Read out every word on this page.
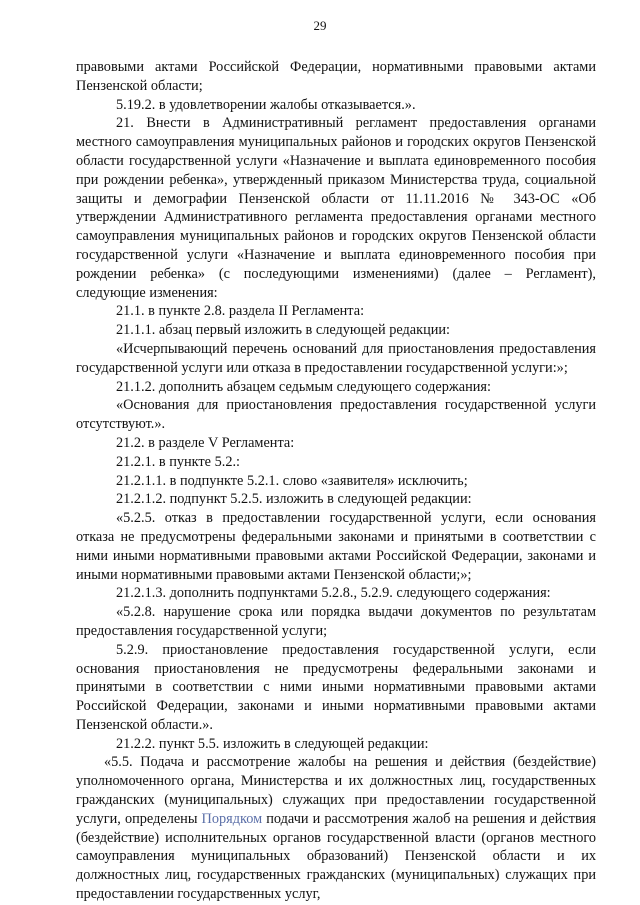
29

правовыми актами Российской Федерации, нормативными правовыми актами Пензенской области;

5.19.2. в удовлетворении жалобы отказывается.».

21. Внести в Административный регламент предоставления органами местного самоуправления муниципальных районов и городских округов Пензенской области государственной услуги «Назначение и выплата единовременного пособия при рождении ребенка», утвержденный приказом Министерства труда, социальной защиты и демографии Пензенской области от 11.11.2016 № 343-ОС «Об утверждении Административного регламента предоставления органами местного самоуправления муниципальных районов и городских округов Пензенской области государственной услуги «Назначение и выплата единовременного пособия при рождении ребенка» (с последующими изменениями) (далее – Регламент), следующие изменения:

21.1. в пункте 2.8. раздела II Регламента:

21.1.1. абзац первый изложить в следующей редакции:

«Исчерпывающий перечень оснований для приостановления предоставления государственной услуги или отказа в предоставлении государственной услуги:»;

21.1.2. дополнить абзацем седьмым следующего содержания:

«Основания для приостановления предоставления государственной услуги отсутствуют.».

21.2. в разделе V Регламента:

21.2.1. в пункте 5.2.:

21.2.1.1. в подпункте 5.2.1. слово «заявителя» исключить;

21.2.1.2. подпункт 5.2.5. изложить в следующей редакции:

«5.2.5. отказ в предоставлении государственной услуги, если основания отказа не предусмотрены федеральными законами и принятыми в соответствии с ними иными нормативными правовыми актами Российской Федерации, законами и иными нормативными правовыми актами Пензенской области;»;

21.2.1.3. дополнить подпунктами 5.2.8., 5.2.9. следующего содержания:

«5.2.8. нарушение срока или порядка выдачи документов по результатам предоставления государственной услуги;

5.2.9. приостановление предоставления государственной услуги, если основания приостановления не предусмотрены федеральными законами и принятыми в соответствии с ними иными нормативными правовыми актами Российской Федерации, законами и иными нормативными правовыми актами Пензенской области.».

21.2.2. пункт 5.5. изложить в следующей редакции:

«5.5. Подача и рассмотрение жалобы на решения и действия (бездействие) уполномоченного органа, Министерства и их должностных лиц, государственных гражданских (муниципальных) служащих при предоставлении государственной услуги, определены Порядком подачи и рассмотрения жалоб на решения и действия (бездействие) исполнительных органов государственной власти (органов местного самоуправления муниципальных образований) Пензенской области и их должностных лиц, государственных гражданских (муниципальных) служащих при предоставлении государственных услуг,
